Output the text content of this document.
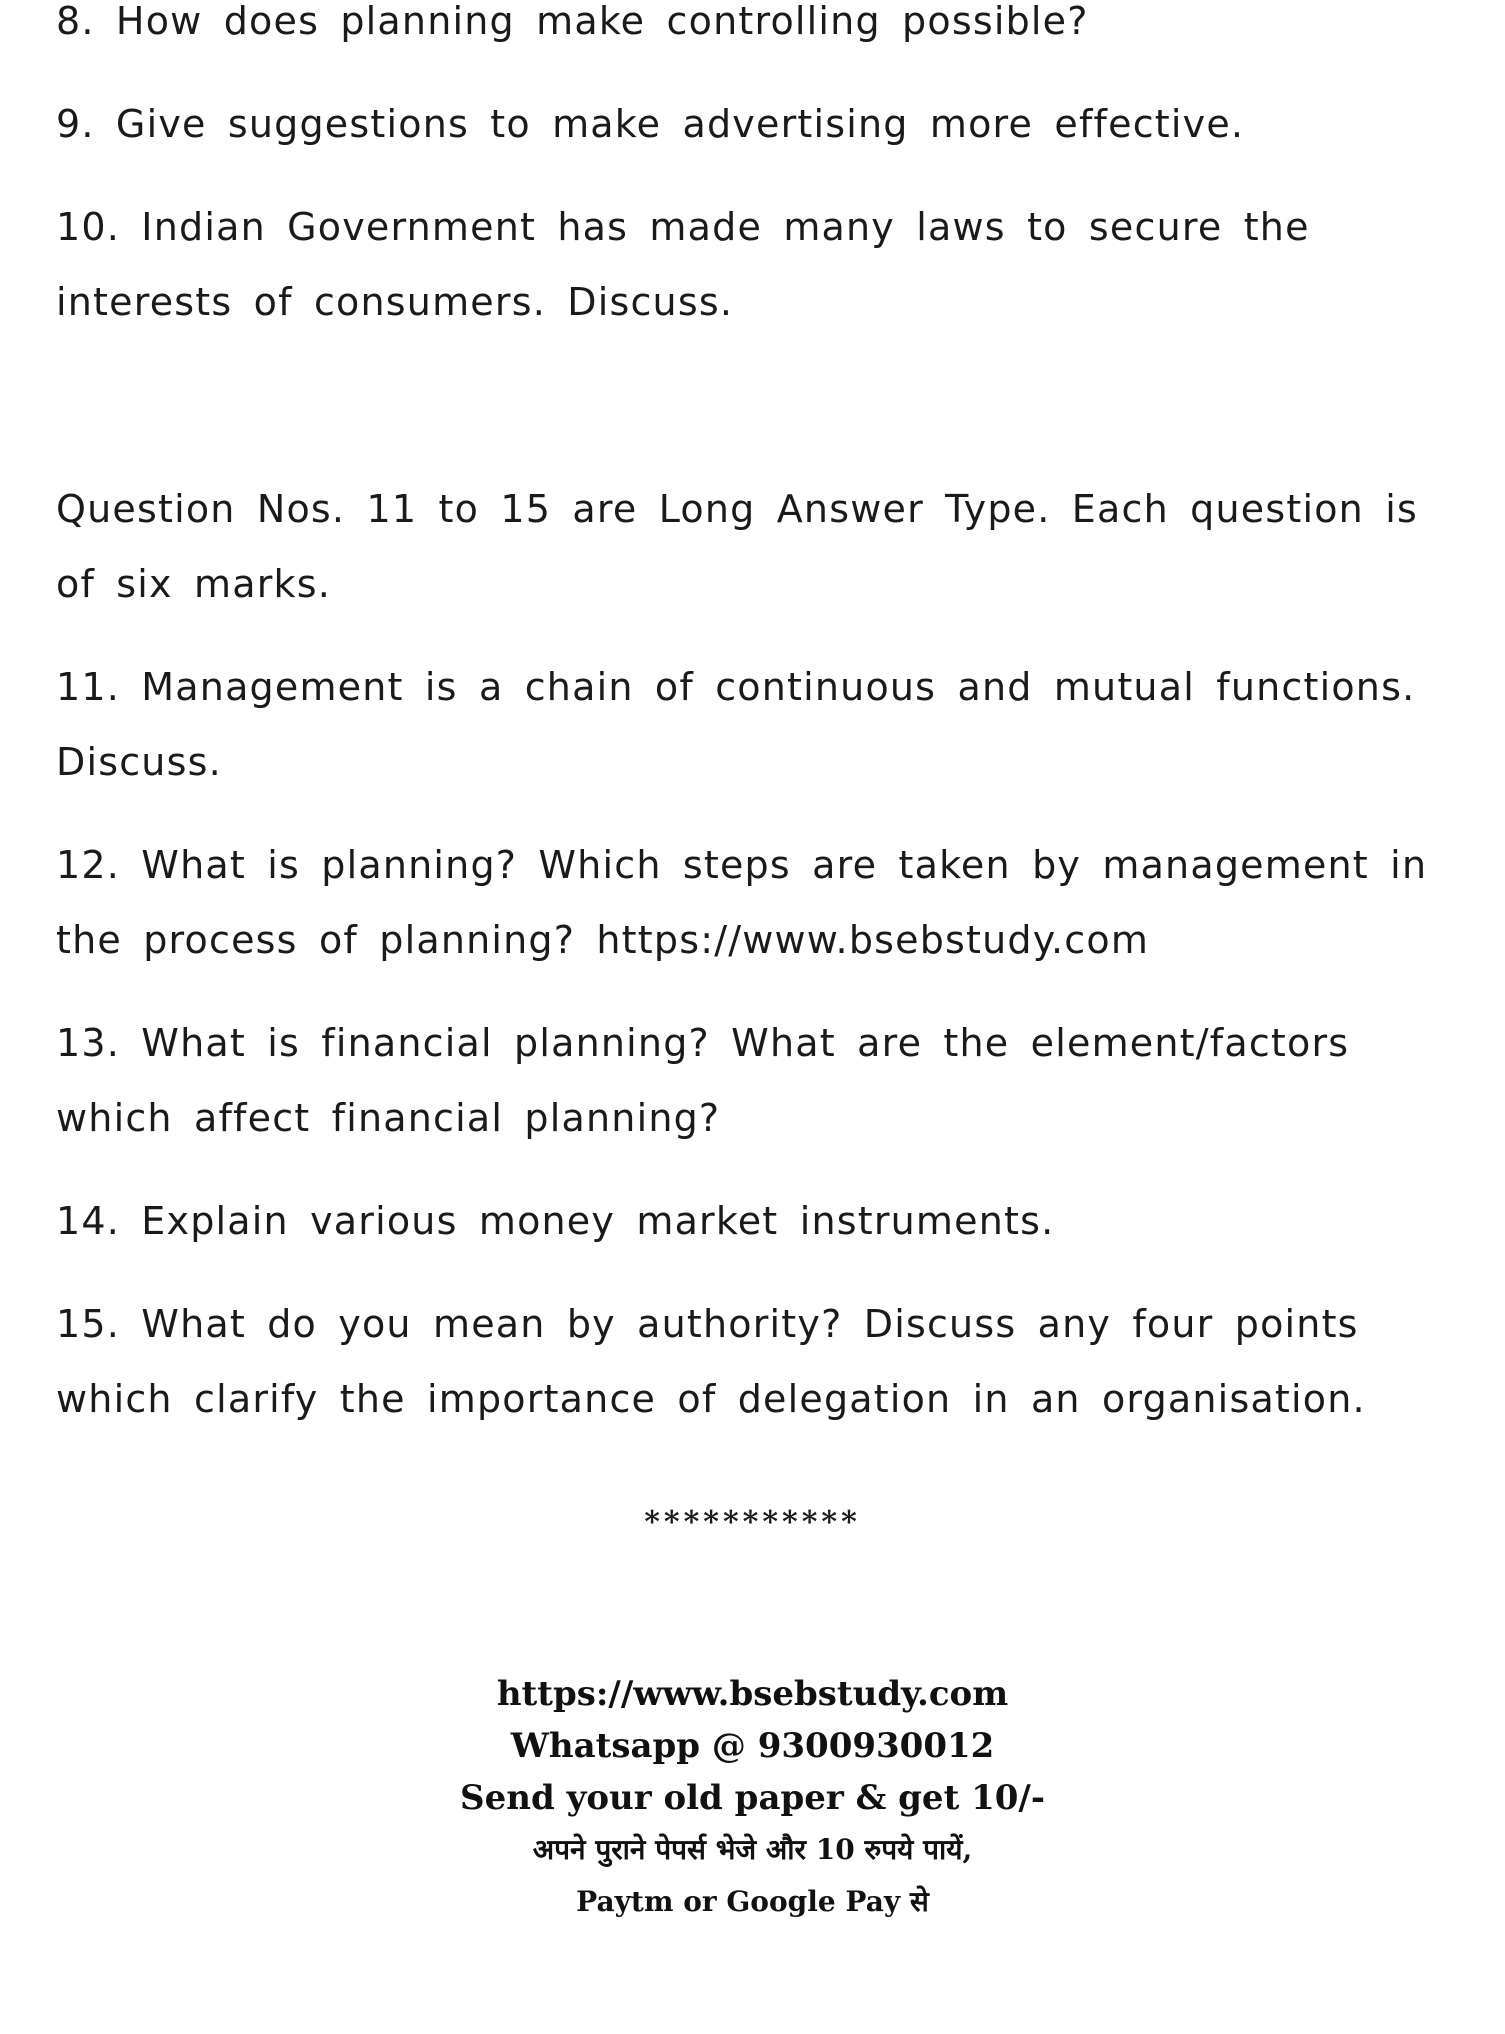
8. How does planning make controlling possible?

9. Give suggestions to make advertising more effective.

10. Indian Government has made many laws to secure the interests of consumers. Discuss.

Question Nos. 11 to 15 are Long Answer Type. Each question is of six marks.

11. Management is a chain of continuous and mutual functions. Discuss.

12. What is planning? Which steps are taken by management in the process of planning? https://www.bsebstudy.com

13. What is financial planning? What are the element/factors which affect financial planning?

14. Explain various money market instruments.

15. What do you mean by authority? Discuss any four points which clarify the importance of delegation in an organisation.

***********

https://www.bsebstudy.com

Whatsapp @ 9300930012

Send your old paper & get 10/-

अपने पुराने पेपर्स भेजे और 10 रुपये पायें,

Paytm or Google Pay से
